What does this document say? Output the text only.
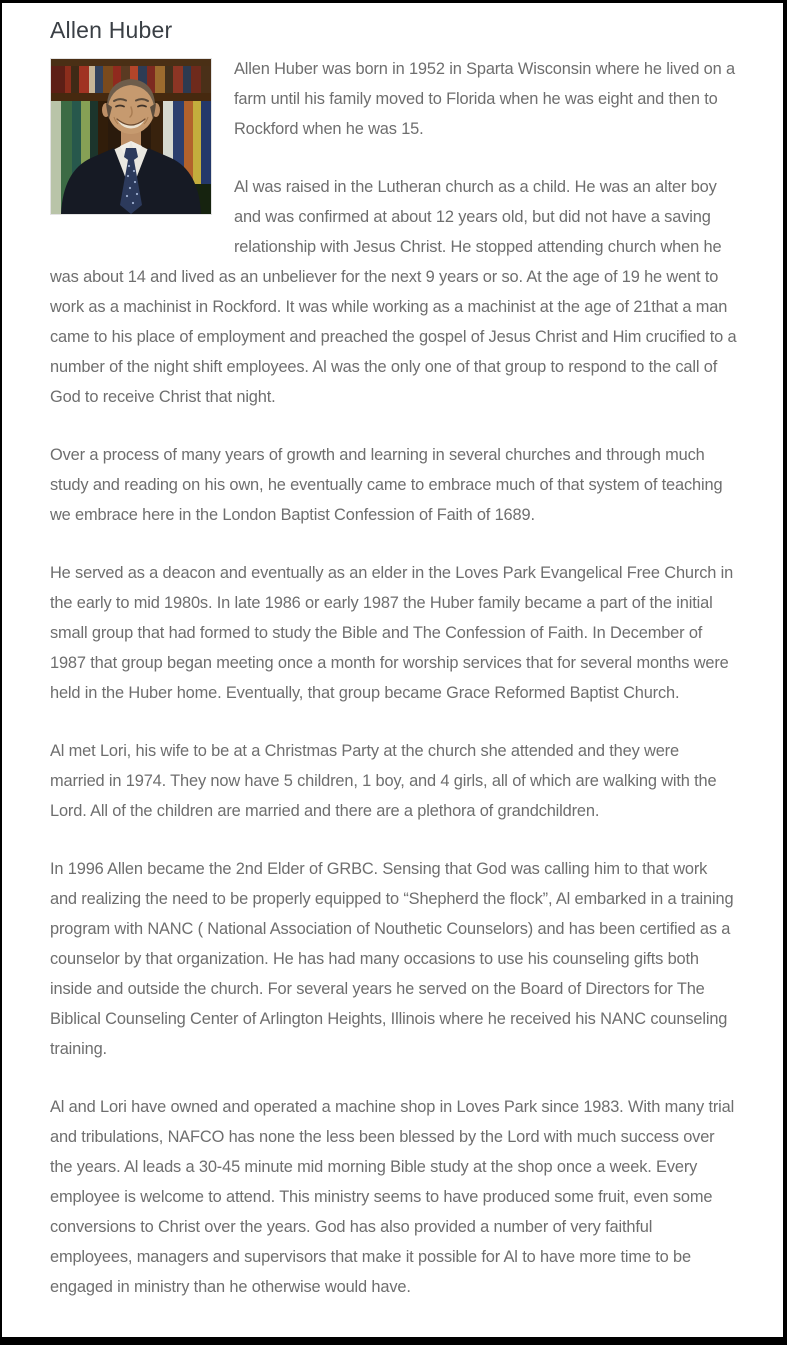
Allen Huber

Allen Huber was born in 1952 in Sparta Wisconsin where he lived on a farm until his family moved to Florida when he was eight and then to Rockford when he was 15.

Al was raised in the Lutheran church as a child. He was an alter boy and was confirmed at about 12 years old, but did not have a saving relationship with Jesus Christ. He stopped attending church when he was about 14 and lived as an unbeliever for the next 9 years or so. At the age of 19 he went to work as a machinist in Rockford. It was while working as a machinist at the age of 21that a man came to his place of employment and preached the gospel of Jesus Christ and Him crucified to a number of the night shift employees. Al was the only one of that group to respond to the call of God to receive Christ that night.

Over a process of many years of growth and learning in several churches and through much study and reading on his own, he eventually came to embrace much of that system of teaching we embrace here in the London Baptist Confession of Faith of 1689.

He served as a deacon and eventually as an elder in the Loves Park Evangelical Free Church in the early to mid 1980s. In late 1986 or early 1987 the Huber family became a part of the initial small group that had formed to study the Bible and The Confession of Faith. In December of 1987 that group began meeting once a month for worship services that for several months were held in the Huber home. Eventually, that group became Grace Reformed Baptist Church.

Al met Lori, his wife to be at a Christmas Party at the church she attended and they were married in 1974. They now have 5 children, 1 boy, and 4 girls, all of which are walking with the Lord. All of the children are married and there are a plethora of grandchildren.

In 1996 Allen became the 2nd Elder of GRBC. Sensing that God was calling him to that work and realizing the need to be properly equipped to “Shepherd the flock”, Al embarked in a training program with NANC ( National Association of Nouthetic Counselors) and has been certified as a counselor by that organization. He has had many occasions to use his counseling gifts both inside and outside the church. For several years he served on the Board of Directors for The Biblical Counseling Center of Arlington Heights, Illinois where he received his NANC counseling training.

Al and Lori have owned and operated a machine shop in Loves Park since 1983. With many trial and tribulations, NAFCO has none the less been blessed by the Lord with much success over the years. Al leads a 30-45 minute mid morning Bible study at the shop once a week. Every employee is welcome to attend. This ministry seems to have produced some fruit, even some conversions to Christ over the years. God has also provided a number of very faithful employees, managers and supervisors that make it possible for Al to have more time to be engaged in ministry than he otherwise would have.
